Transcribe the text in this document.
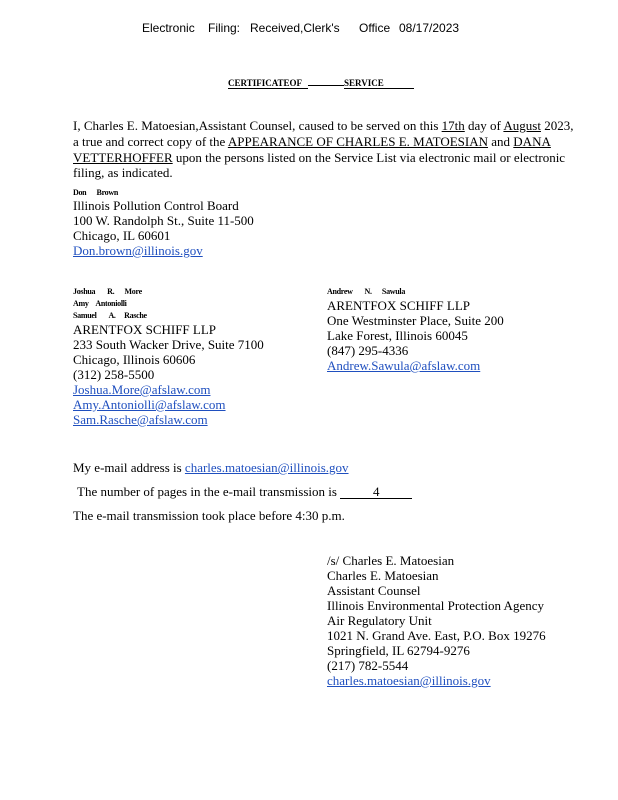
Electronic Filing: Received,Clerk's Office 08/17/2023
CERTIFICATEOF	SERVICE
I, Charles E. Matoesian,Assistant Counsel, caused to be served on this 17th day of August 2023,
a true and correct copy of the APPEARANCE OF CHARLES E. MATOESIAN and DANA
VETTERHOFFER upon the persons listed on the Service List via electronic mail or electronic
filing, as indicated.
Don Brown
Illinois Pollution Control Board
100 W. Randolph St., Suite 11-500
Chicago, IL 60601
Don.brown@illinois.gov
Joshua R. More
Amy Antoniolli
Samuel A. Rasche
ARENTFOX SCHIFF LLP
233 South Wacker Drive, Suite 7100
Chicago, Illinois 60606
(312) 258-5500
Joshua.More@afslaw.com
Amy.Antoniolli@afslaw.com
Sam.Rasche@afslaw.com
Andrew N. Sawula
ARENTFOX SCHIFF LLP
One Westminster Place, Suite 200
Lake Forest, Illinois 60045
(847) 295-4336
Andrew.Sawula@afslaw.com
My e-mail address is charles.matoesian@illinois.gov
The number of pages in the e-mail transmission is	4
The e-mail transmission took place before 4:30 p.m.
/s/ Charles E. Matoesian
Charles E. Matoesian
Assistant Counsel
Illinois Environmental Protection Agency
Air Regulatory Unit
1021 N. Grand Ave. East, P.O. Box 19276
Springfield, IL 62794-9276
(217) 782-5544
charles.matoesian@illinois.gov
